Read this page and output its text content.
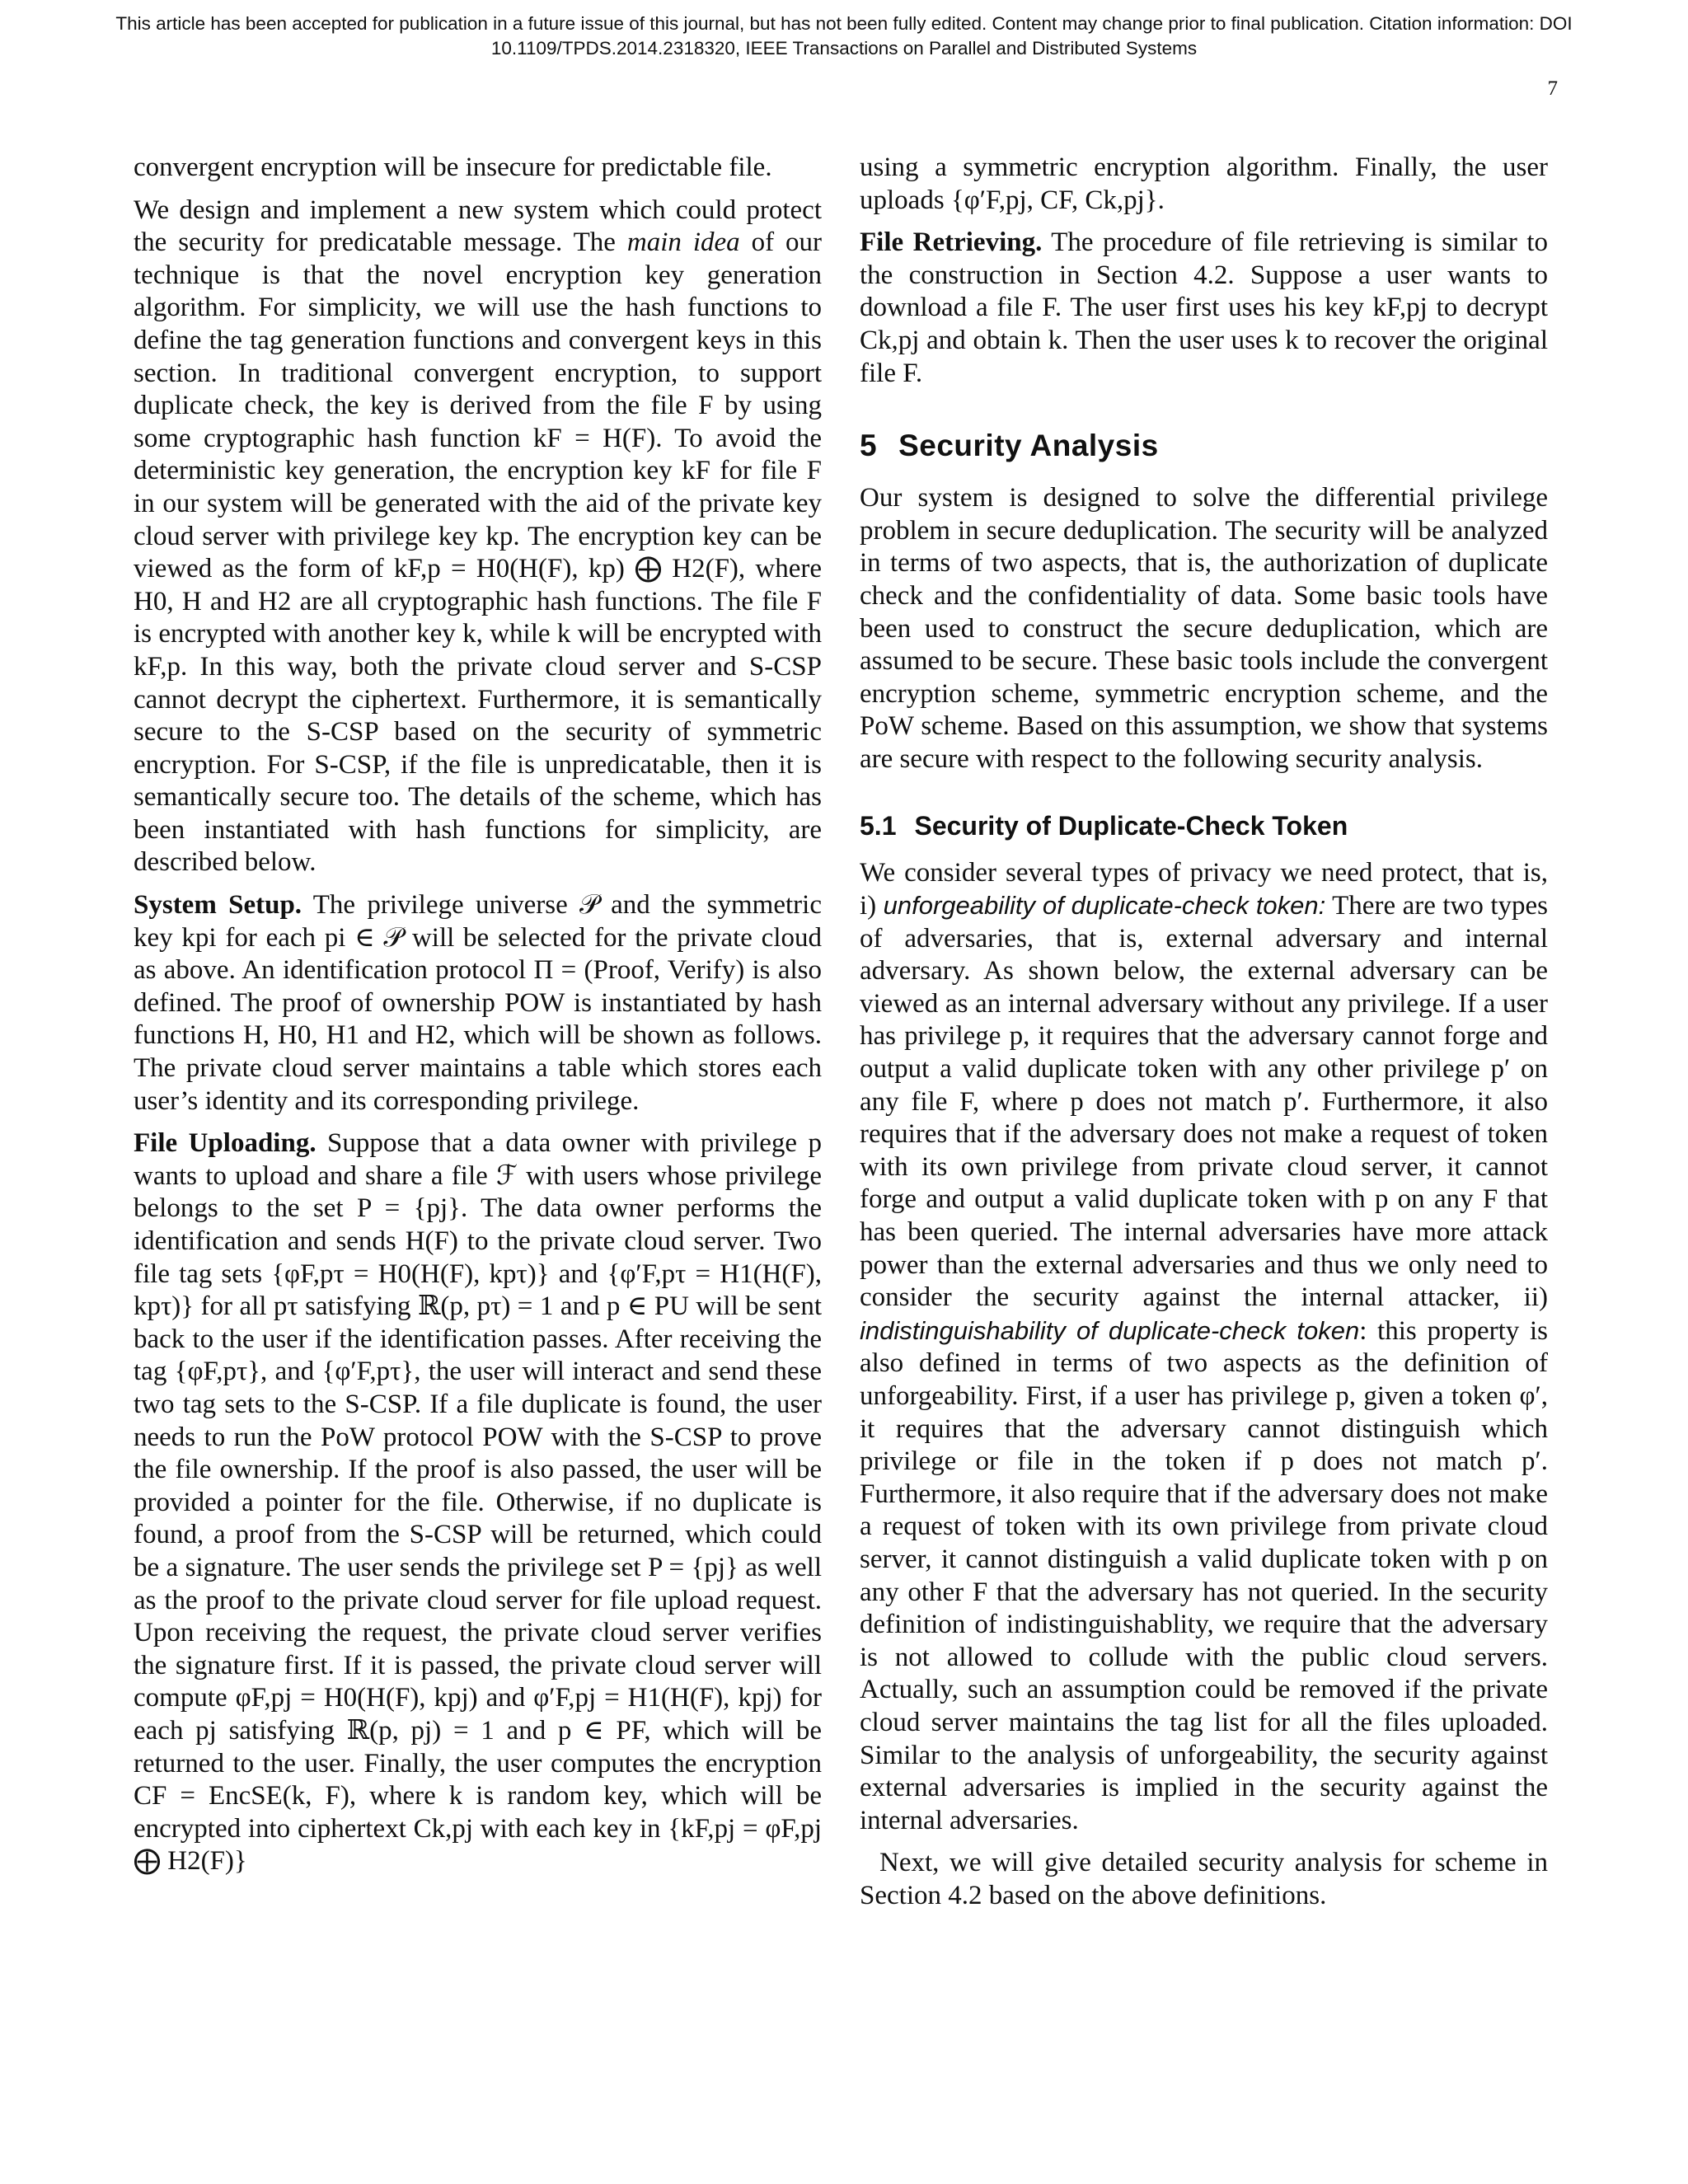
This article has been accepted for publication in a future issue of this journal, but has not been fully edited. Content may change prior to final publication. Citation information: DOI
10.1109/TPDS.2014.2318320, IEEE Transactions on Parallel and Distributed Systems
7

convergent encryption will be insecure for predictable file.

We design and implement a new system which could protect the security for predicatable message. The main idea of our technique is that the novel encryption key generation algorithm. For simplicity, we will use the hash functions to define the tag generation functions and convergent keys in this section. In traditional convergent encryption, to support duplicate check, the key is derived from the file F by using some cryptographic hash function kF = H(F). To avoid the deterministic key generation, the encryption key kF for file F in our system will be generated with the aid of the private key cloud server with privilege key kp. The encryption key can be viewed as the form of kF,p = H0(H(F), kp) ⨁ H2(F), where H0, H and H2 are all cryptographic hash functions. The file F is encrypted with another key k, while k will be encrypted with kF,p. In this way, both the private cloud server and S-CSP cannot decrypt the ciphertext. Furthermore, it is semantically secure to the S-CSP based on the security of symmetric encryption. For S-CSP, if the file is unpredicatable, then it is semantically secure too. The details of the scheme, which has been instantiated with hash functions for simplicity, are described below.

System Setup. The privilege universe 𝒫 and the symmetric key kpi for each pi ∈ 𝒫 will be selected for the private cloud as above. An identification protocol Π = (Proof, Verify) is also defined. The proof of ownership POW is instantiated by hash functions H, H0, H1 and H2, which will be shown as follows. The private cloud server maintains a table which stores each user’s identity and its corresponding privilege.

File Uploading. Suppose that a data owner with privilege p wants to upload and share a file ℱ with users whose privilege belongs to the set P = {pj}. The data owner performs the identification and sends H(F) to the private cloud server. Two file tag sets {φF,pτ = H0(H(F), kpτ)} and {φ′F,pτ = H1(H(F), kpτ)} for all pτ satisfying ℝ(p, pτ) = 1 and p ∈ PU will be sent back to the user if the identification passes. After receiving the tag {φF,pτ}, and {φ′F,pτ}, the user will interact and send these two tag sets to the S-CSP. If a file duplicate is found, the user needs to run the PoW protocol POW with the S-CSP to prove the file ownership. If the proof is also passed, the user will be provided a pointer for the file. Otherwise, if no duplicate is found, a proof from the S-CSP will be returned, which could be a signature. The user sends the privilege set P = {pj} as well as the proof to the private cloud server for file upload request. Upon receiving the request, the private cloud server verifies the signature first. If it is passed, the private cloud server will compute φF,pj = H0(H(F), kpj) and φ′F,pj = H1(H(F), kpj) for each pj satisfying ℝ(p, pj) = 1 and p ∈ PF, which will be returned to the user. Finally, the user computes the encryption CF = EncSE(k, F), where k is random key, which will be encrypted into ciphertext Ck,pj with each key in {kF,pj = φF,pj ⨁ H2(F)}

using a symmetric encryption algorithm. Finally, the user uploads {φ′F,pj, CF, Ck,pj}.

File Retrieving. The procedure of file retrieving is similar to the construction in Section 4.2. Suppose a user wants to download a file F. The user first uses his key kF,pj to decrypt Ck,pj and obtain k. Then the user uses k to recover the original file F.

5 Security Analysis

Our system is designed to solve the differential privilege problem in secure deduplication. The security will be analyzed in terms of two aspects, that is, the authorization of duplicate check and the confidentiality of data. Some basic tools have been used to construct the secure deduplication, which are assumed to be secure. These basic tools include the convergent encryption scheme, symmetric encryption scheme, and the PoW scheme. Based on this assumption, we show that systems are secure with respect to the following security analysis.

5.1 Security of Duplicate-Check Token

We consider several types of privacy we need protect, that is, i) unforgeability of duplicate-check token: There are two types of adversaries, that is, external adversary and internal adversary. As shown below, the external adversary can be viewed as an internal adversary without any privilege. If a user has privilege p, it requires that the adversary cannot forge and output a valid duplicate token with any other privilege p′ on any file F, where p does not match p′. Furthermore, it also requires that if the adversary does not make a request of token with its own privilege from private cloud server, it cannot forge and output a valid duplicate token with p on any F that has been queried. The internal adversaries have more attack power than the external adversaries and thus we only need to consider the security against the internal attacker, ii) indistinguishability of duplicate-check token: this property is also defined in terms of two aspects as the definition of unforgeability. First, if a user has privilege p, given a token φ′, it requires that the adversary cannot distinguish which privilege or file in the token if p does not match p′. Furthermore, it also require that if the adversary does not make a request of token with its own privilege from private cloud server, it cannot distinguish a valid duplicate token with p on any other F that the adversary has not queried. In the security definition of indistinguishablity, we require that the adversary is not allowed to collude with the public cloud servers. Actually, such an assumption could be removed if the private cloud server maintains the tag list for all the files uploaded. Similar to the analysis of unforgeability, the security against external adversaries is implied in the security against the internal adversaries.

Next, we will give detailed security analysis for scheme in Section 4.2 based on the above definitions.
